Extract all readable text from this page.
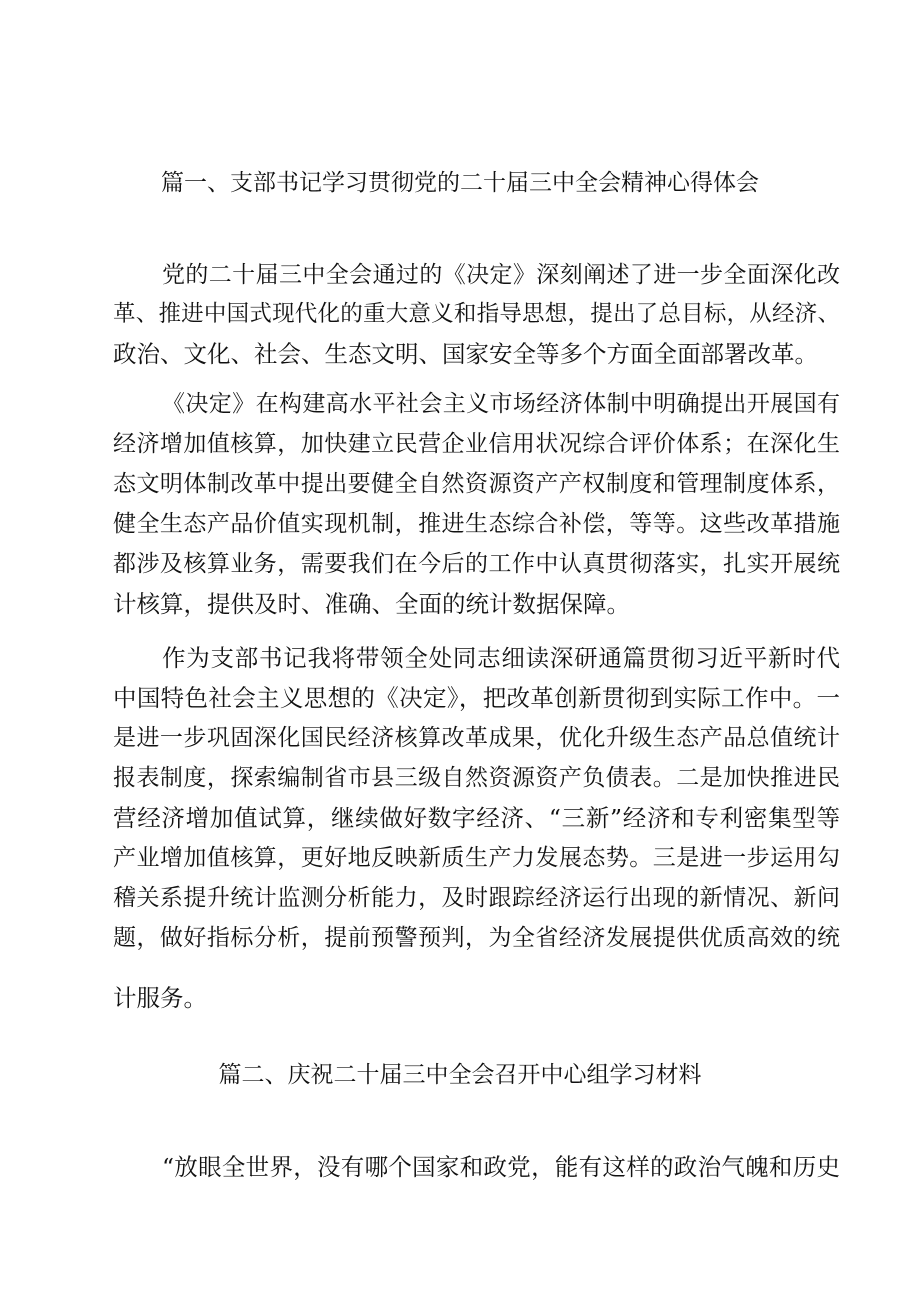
篇一、支部书记学习贯彻党的二十届三中全会精神心得体会
党的二十届三中全会通过的《决定》深刻阐述了进一步全面深化改
革、推进中国式现代化的重大意义和指导思想，提出了总目标，从经济、
政治、文化、社会、生态文明、国家安全等多个方面全面部署改革。
《决定》在构建高水平社会主义市场经济体制中明确提出开展国有
经济增加值核算，加快建立民营企业信用状况综合评价体系；在深化生
态文明体制改革中提出要健全自然资源资产产权制度和管理制度体系，
健全生态产品价值实现机制，推进生态综合补偿，等等。这些改革措施
都涉及核算业务，需要我们在今后的工作中认真贯彻落实，扎实开展统
计核算，提供及时、准确、全面的统计数据保障。
作为支部书记我将带领全处同志细读深研通篇贯彻习近平新时代
中国特色社会主义思想的《决定》，把改革创新贯彻到实际工作中。一
是进一步巩固深化国民经济核算改革成果，优化升级生态产品总值统计
报表制度，探索编制省市县三级自然资源资产负债表。二是加快推进民
营经济增加值试算，继续做好数字经济、“三新”经济和专利密集型等
产业增加值核算，更好地反映新质生产力发展态势。三是进一步运用勾
稽关系提升统计监测分析能力，及时跟踪经济运行出现的新情况、新问
题，做好指标分析，提前预警预判，为全省经济发展提供优质高效的统
计服务。
篇二、庆祝二十届三中全会召开中心组学习材料
“放眼全世界，没有哪个国家和政党，能有这样的政治气魄和历史
